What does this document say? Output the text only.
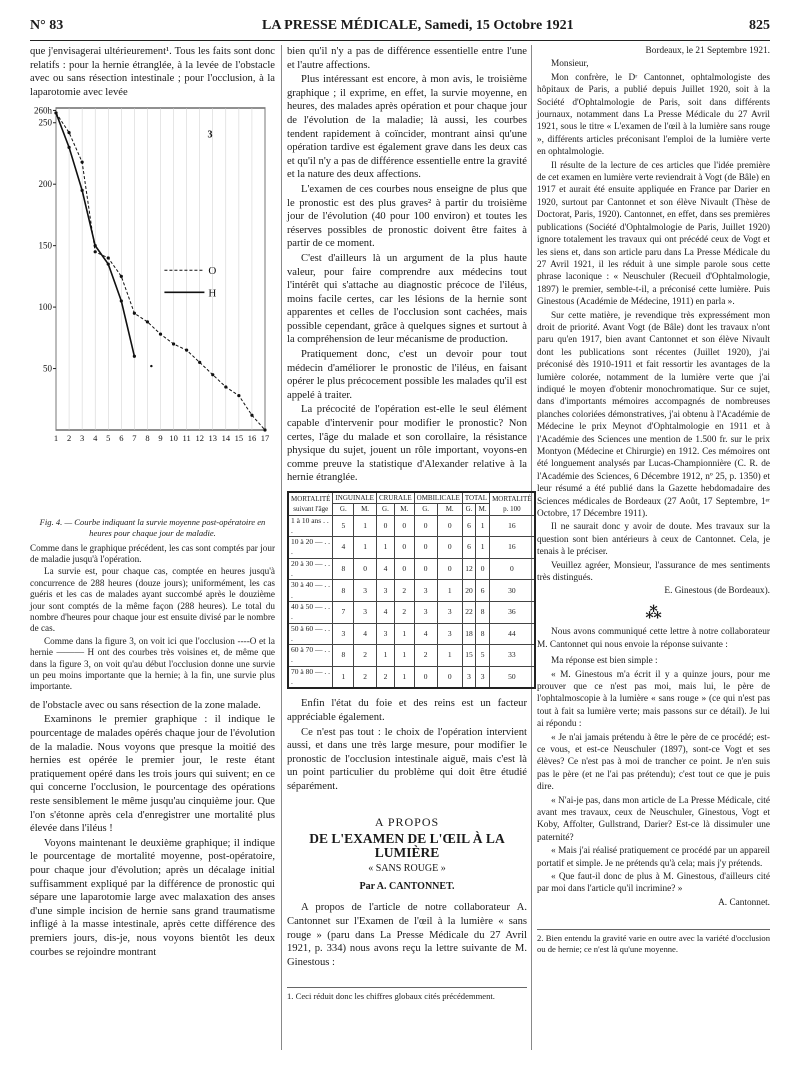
N° 83	LA PRESSE MÉDICALE, Samedi, 15 Octobre 1921	825

que j'envisagerai ultérieurement¹. Tous les faits sont donc relatifs : pour la hernie étranglée, à la levée de l'obstacle avec ou sans résection intestinale ; pour l'occlusion, à la laparotomie avec levée

260h
250
200
150
100
50
1 2 3 4 5 6 7 8 9 10 11 12 13 14 15 16 17
O
H
3

Fig. 4. — Courbe indiquant la survie moyenne post-opératoire en heures pour chaque jour de maladie.

Comme dans le graphique précédent, les cas sont comptés par jour de maladie jusqu'à l'opération.

La survie est, pour chaque cas, comptée en heures jusqu'à concurrence de 288 heures (douze jours); uniformément, les cas guéris et les cas de malades ayant succombé après le douzième jour sont comptés de la même façon (288 heures). Le total du nombre d'heures pour chaque jour est ensuite divisé par le nombre de cas.

Comme dans la figure 3, on voit ici que l'occlusion ----O et la hernie ——— H ont des courbes très voisines et, de même que dans la figure 3, on voit qu'au début l'occlusion donne une survie un peu moins importante que la hernie; à la fin, une survie plus importante.

de l'obstacle avec ou sans résection de la zone malade.

Examinons le premier graphique : il indique le pourcentage de malades opérés chaque jour de l'évolution de la maladie. Nous voyons que presque la moitié des hernies est opérée le premier jour, le reste étant pratiquement opéré dans les trois jours qui suivent; en ce qui concerne l'occlusion, le pourcentage des opérations reste sensiblement le même jusqu'au cinquième jour. Que l'on s'étonne après cela d'enregistrer une mortalité plus élevée dans l'iléus !

Voyons maintenant le deuxième graphique; il indique le pourcentage de mortalité moyenne, post-opératoire, pour chaque jour d'évolution; après un décalage initial suffisamment expliqué par la différence de pronostic qui sépare une laparotomie large avec malaxation des anses d'une simple incision de hernie sans grand traumatisme infligé à la masse intestinale, après cette différence des premiers jours, dis-je, nous voyons bientôt les deux courbes se rejoindre montrant

bien qu'il n'y a pas de différence essentielle entre l'une et l'autre affections.

Plus intéressant est encore, à mon avis, le troisième graphique ; il exprime, en effet, la survie moyenne, en heures, des malades après opération et pour chaque jour de l'évolution de la maladie; là aussi, les courbes tendent rapidement à coïncider, montrant ainsi qu'une opération tardive est également grave dans les deux cas et qu'il n'y a pas de différence essentielle entre la gravité et la nature des deux affections.

L'examen de ces courbes nous enseigne de plus que le pronostic est des plus graves² à partir du troisième jour de l'évolution (40 pour 100 environ) et toutes les réserves possibles de pronostic doivent être faites à partir de ce moment.

C'est d'ailleurs là un argument de la plus haute valeur, pour faire comprendre aux médecins tout l'intérêt qui s'attache au diagnostic précoce de l'iléus, moins facile certes, car les lésions de la hernie sont apparentes et celles de l'occlusion sont cachées, mais possible cependant, grâce à quelques signes et surtout à la compréhension de leur mécanisme de production.

Pratiquement donc, c'est un devoir pour tout médecin d'améliorer le pronostic de l'iléus, en faisant opérer le plus précocement possible les malades qu'il est appelé à traiter.

La précocité de l'opération est-elle le seul élément capable d'intervenir pour modifier le pronostic? Non certes, l'âge du malade et son corollaire, la résistance physique du sujet, jouent un rôle important, voyons-en comme preuve la statistique d'Alexander relative à la hernie étranglée.

MORTALITÉ
suivant l'âge	INGUINALE		CRURALE		OMBILICALE		TOTAL		MORTALITÉ
p. 100
	G.	M.	G.	M.	G.	M.	G.	M.	
1 à 10 ans . . .	5	1	0	0	0	0	6	1	16
10 à 20 — . . .	4	1	1	0	0	0	6	1	16
20 à 30 — . . .	8	0	4	0	0	0	12	0	0
30 à 40 — . . .	8	3	3	2	3	1	20	6	30
40 à 50 — . . .	7	3	4	2	3	3	22	8	36
50 à 60 — . . .	3	4	3	1	4	3	18	8	44
60 à 70 — . . .	8	2	1	1	2	1	15	5	33
70 à 80 — . . .	1	2	2	1	0	0	3	3	50

Enfin l'état du foie et des reins est un facteur appréciable également.

Ce n'est pas tout : le choix de l'opération intervient aussi, et dans une très large mesure, pour modifier le pronostic de l'occlusion intestinale aiguë, mais c'est là un point particulier du problème qui doit être étudié séparément.

A PROPOS
DE L'EXAMEN DE L'ŒIL À LA LUMIÈRE
« SANS ROUGE »
Par A. CANTONNET.

A propos de l'article de notre collaborateur A. Cantonnet sur l'Examen de l'œil à la lumière « sans rouge » (paru dans La Presse Médicale du 27 Avril 1921, p. 334) nous avons reçu la lettre suivante de M. Ginestous :

1. Ceci réduit donc les chiffres globaux cités précédemment.

Bordeaux, le 21 Septembre 1921.

Monsieur,

Mon confrère, le Dʳ Cantonnet, ophtalmologiste des hôpitaux de Paris, a publié depuis Juillet 1920, soit à la Société d'Ophtalmologie de Paris, soit dans différents journaux, notamment dans La Presse Médicale du 27 Avril 1921, sous le titre « L'examen de l'œil à la lumière sans rouge », différents articles préconisant l'emploi de la lumière verte en ophtalmologie.

Il résulte de la lecture de ces articles que l'idée première de cet examen en lumière verte reviendrait à Vogt (de Bâle) en 1917 et aurait été ensuite appliquée en France par Darier en 1920, surtout par Cantonnet et son élève Nivault (Thèse de Doctorat, Paris, 1920). Cantonnet, en effet, dans ses premières publications (Société d'Ophtalmologie de Paris, Juillet 1920) ignore totalement les travaux qui ont précédé ceux de Vogt et les siens et, dans son article paru dans La Presse Médicale du 27 Avril 1921, il les réduit à une simple parole sous cette phrase laconique : « Neuschuler (Recueil d'Ophtalmologie, 1897) le premier, semble-t-il, a préconisé cette lumière. Puis Ginestous (Académie de Médecine, 1911) en parla ».

Sur cette matière, je revendique très expressément mon droit de priorité. Avant Vogt (de Bâle) dont les travaux n'ont paru qu'en 1917, bien avant Cantonnet et son élève Nivault dont les publications sont récentes (Juillet 1920), j'ai préconisé dès 1910-1911 et fait ressortir les avantages de la lumière colorée, notamment de la lumière verte que j'ai indiqué le moyen d'obtenir monochromatique. Sur ce sujet, dans d'importants mémoires accompagnés de nombreuses planches coloriées démonstratives, j'ai obtenu à l'Académie de Médecine le prix Meynot d'Ophtalmologie en 1911 et à l'Académie des Sciences une mention de 1.500 fr. sur le prix Montyon (Médecine et Chirurgie) en 1912. Ces mémoires ont été longuement analysés par Lucas-Championnière (C. R. de l'Académie des Sciences, 6 Décembre 1912, nº 25, p. 1350) et leur résumé a été publié dans la Gazette hebdomadaire des Sciences médicales de Bordeaux (27 Août, 17 Septembre, 1ᵉʳ Octobre, 17 Décembre 1911).

Il ne saurait donc y avoir de doute. Mes travaux sur la question sont bien antérieurs à ceux de Cantonnet. Cela, je tenais à le préciser.

Veuillez agréer, Monsieur, l'assurance de mes sentiments très distingués.

E. Ginestous (de Bordeaux).

⁂

Nous avons communiqué cette lettre à notre collaborateur M. Cantonnet qui nous envoie la réponse suivante :

Ma réponse est bien simple :

« M. Ginestous m'a écrit il y a quinze jours, pour me prouver que ce n'est pas moi, mais lui, le père de l'ophtalmoscopie à la lumière « sans rouge » (ce qui n'est pas tout à fait sa lumière verte; mais passons sur ce détail). Je lui ai répondu :

« Je n'ai jamais prétendu à être le père de ce procédé; est-ce vous, et est-ce Neuschuler (1897), sont-ce Vogt et ses élèves? Ce n'est pas à moi de trancher ce point. Je n'en suis pas le père (et ne l'ai pas prétendu); c'est tout ce que je puis dire.

« N'ai-je pas, dans mon article de La Presse Médicale, cité avant mes travaux, ceux de Neuschuler, Ginestous, Vogt et Koby, Affolter, Gullstrand, Darier? Est-ce là dissimuler une paternité?

« Mais j'ai réalisé pratiquement ce procédé par un appareil portatif et simple. Je ne prétends qu'à cela; mais j'y prétends.

« Que faut-il donc de plus à M. Ginestous, d'ailleurs cité par moi dans l'article qu'il incrimine? »

A. Cantonnet.

2. Bien entendu la gravité varie en outre avec la variété d'occlusion ou de hernie; ce n'est là qu'une moyenne.
